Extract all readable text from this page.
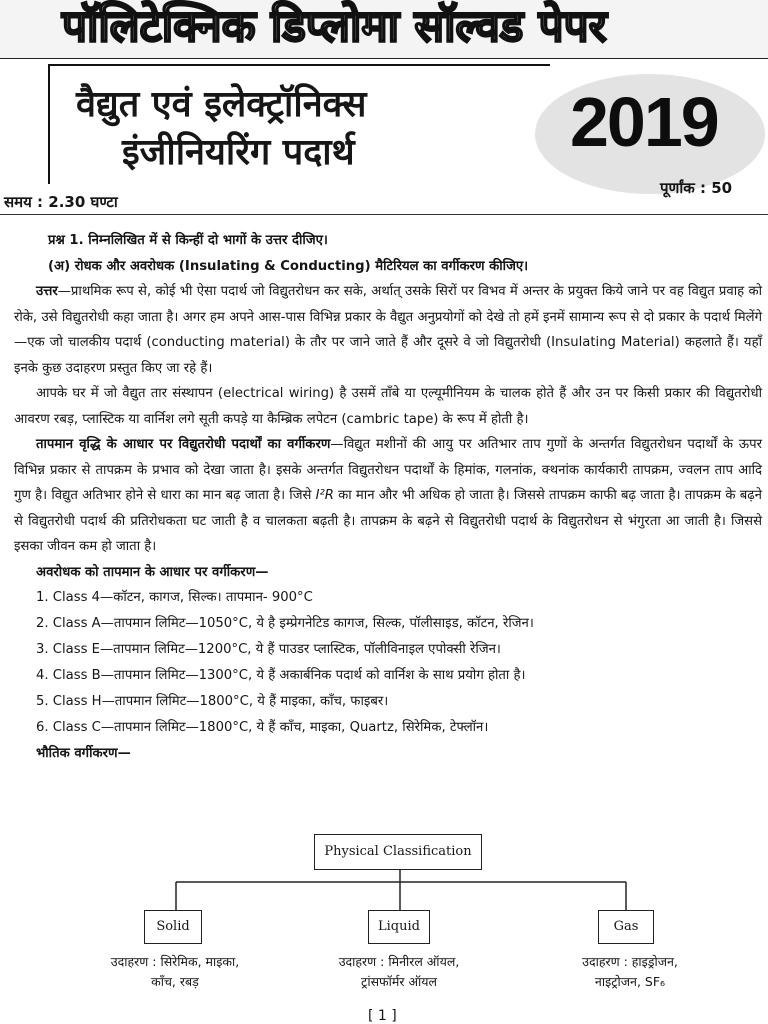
पॉलिटेक्निक डिप्लोमा सॉल्वड पेपर
वैद्युत एवं इलेक्ट्रॉनिक्स
इंजीनियरिंग पदार्थ	2019
समय : 2.30 घण्टा
पूर्णांक : 50

प्रश्न 1. निम्नलिखित में से किन्हीं दो भागों के उत्तर दीजिए।

(अ) रोधक और अवरोधक (Insulating & Conducting) मैटिरियल का वर्गीकरण कीजिए।

उत्तर—प्राथमिक रूप से, कोई भी ऐसा पदार्थ जो विद्युतरोधन कर सके, अर्थात् उसके सिरों पर विभव में अन्तर के प्रयुक्त किये जाने पर वह विद्युत प्रवाह को रोके, उसे विद्युतरोधी कहा जाता है। अगर हम अपने आस-पास विभिन्न प्रकार के वैद्युत अनुप्रयोगों को देखे तो हमें इनमें सामान्य रूप से दो प्रकार के पदार्थ मिलेंगे—एक जो चालकीय पदार्थ (conducting material) के तौर पर जाने जाते हैं और दूसरे वे जो विद्युतरोधी (Insulating Material) कहलाते हैं। यहाँ इनके कुछ उदाहरण प्रस्तुत किए जा रहे हैं।

आपके घर में जो वैद्युत तार संस्थापन (electrical wiring) है उसमें ताँबे या एल्यूमीनियम के चालक होते हैं और उन पर किसी प्रकार की विद्युतरोधी आवरण रबड़, प्लास्टिक या वार्निश लगे सूती कपड़े या कैम्ब्रिक लपेटन (cambric tape) के रूप में होती है।

तापमान वृद्धि के आधार पर विद्युतरोधी पदार्थों का वर्गीकरण—विद्युत मशीनों की आयु पर अतिभार ताप गुणों के अन्तर्गत विद्युतरोधन पदार्थों के ऊपर विभिन्न प्रकार से तापक्रम के प्रभाव को देखा जाता है। इसके अन्तर्गत विद्युतरोधन पदार्थों के हिमांक, गलनांक, क्थनांक कार्यकारी तापक्रम, ज्वलन ताप आदि गुण है। विद्युत अतिभार होने से धारा का मान बढ़ जाता है। जिसे I²R का मान और भी अधिक हो जाता है। जिससे तापक्रम काफी बढ़ जाता है। तापक्रम के बढ़ने से विद्युतरोधी पदार्थ की प्रतिरोधकता घट जाती है व चालकता बढ़ती है। तापक्रम के बढ़ने से विद्युतरोधी पदार्थ के विद्युतरोधन से भंगुरता आ जाती है। जिससे इसका जीवन कम हो जाता है।

अवरोधक को तापमान के आधार पर वर्गीकरण—

1. Class 4—कॉटन, कागज, सिल्क। तापमान- 900°C
2. Class A—तापमान लिमिट—1050°C, ये है इम्प्रेगनेटिड कागज, सिल्क, पॉलीसाइड, कॉटन, रेजिन।
3. Class E—तापमान लिमिट—1200°C, ये हैं पाउडर प्लास्टिक, पॉलीविनाइल एपोक्सी रेजिन।
4. Class B—तापमान लिमिट—1300°C, ये हैं अकार्बनिक पदार्थ को वार्निश के साथ प्रयोग होता है।
5. Class H—तापमान लिमिट—1800°C, ये हैं माइका, काँच, फाइबर।
6. Class C—तापमान लिमिट—1800°C, ये हैं काँच, माइका, Quartz, सिरेमिक, टेफ्लॉन।

भौतिक वर्गीकरण—

Physical Classification
Solid	Liquid	Gas
उदाहरण : सिरेमिक, माइका,
काँच, रबड़
उदाहरण : मिनीरल ऑयल,
ट्रांसफॉर्मर ऑयल
उदाहरण : हाइड्रोजन,
नाइट्रोजन, SF₆
[ 1 ]
